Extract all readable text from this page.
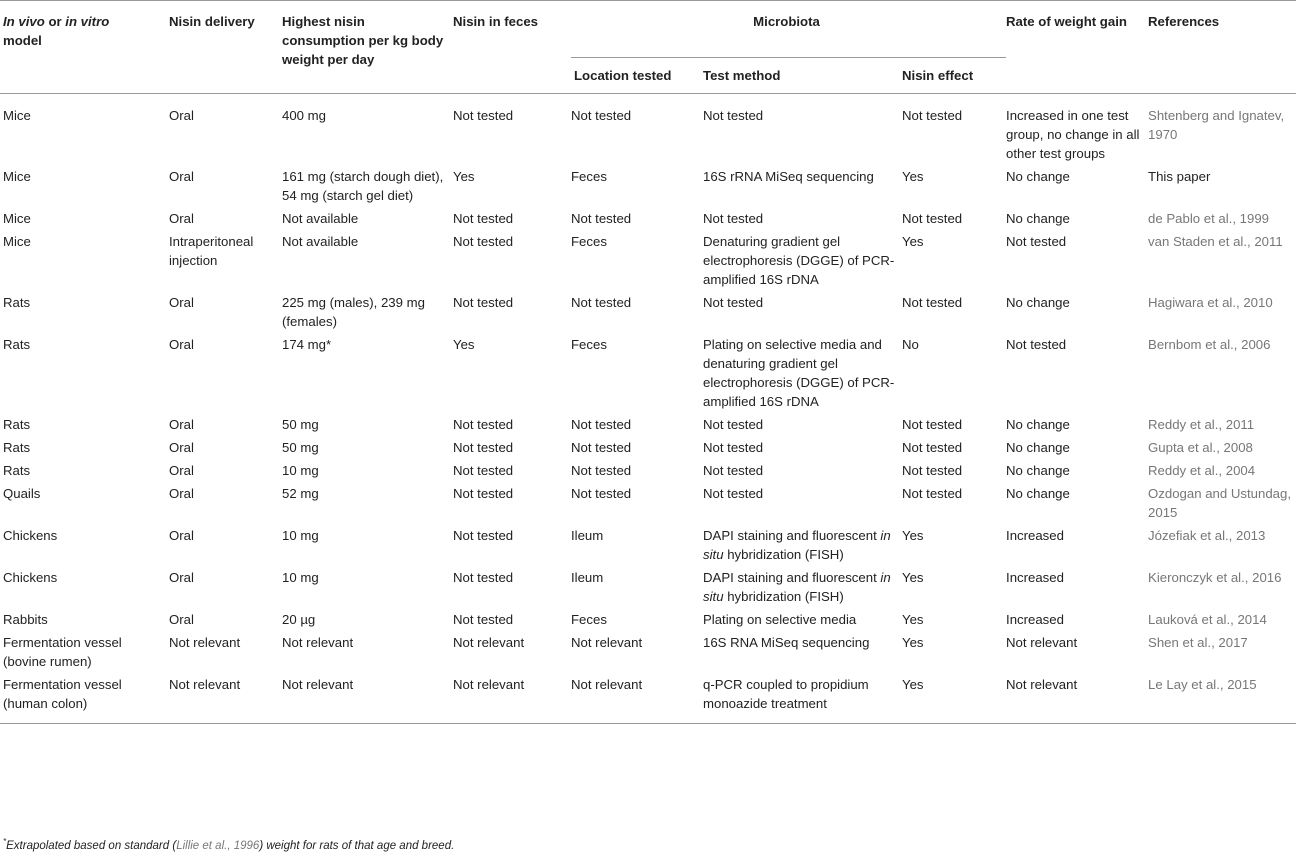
In vivo or in vitro
model	Nisin delivery	Highest nisin consumption per kg body weight per day	Nisin in feces	Microbiota			Rate of weight gain	References
				Location tested	Test method	Nisin effect		
Mice	Oral	400 mg	Not tested	Not tested	Not tested	Not tested	Increased in one test group, no change in all other test groups	Shtenberg and Ignatev, 1970
Mice	Oral	161 mg (starch dough diet), 54 mg (starch gel diet)	Yes	Feces	16S rRNA MiSeq sequencing	Yes	No change	This paper
Mice	Oral	Not available	Not tested	Not tested	Not tested	Not tested	No change	de Pablo et al., 1999
Mice	Intraperitoneal injection	Not available	Not tested	Feces	Denaturing gradient gel electrophoresis (DGGE) of PCR-amplified 16S rDNA	Yes	Not tested	van Staden et al., 2011
Rats	Oral	225 mg (males), 239 mg (females)	Not tested	Not tested	Not tested	Not tested	No change	Hagiwara et al., 2010
Rats	Oral	174 mg*	Yes	Feces	Plating on selective media and denaturing gradient gel electrophoresis (DGGE) of PCR-amplified 16S rDNA	No	Not tested	Bernbom et al., 2006
Rats	Oral	50 mg	Not tested	Not tested	Not tested	Not tested	No change	Reddy et al., 2011
Rats	Oral	50 mg	Not tested	Not tested	Not tested	Not tested	No change	Gupta et al., 2008
Rats	Oral	10 mg	Not tested	Not tested	Not tested	Not tested	No change	Reddy et al., 2004
Quails	Oral	52 mg	Not tested	Not tested	Not tested	Not tested	No change	Ozdogan and Ustundag, 2015
Chickens	Oral	10 mg	Not tested	Ileum	DAPI staining and fluorescent in situ hybridization (FISH)	Yes	Increased	Józefiak et al., 2013
Chickens	Oral	10 mg	Not tested	Ileum	DAPI staining and fluorescent in situ hybridization (FISH)	Yes	Increased	Kieronczyk et al., 2016
Rabbits	Oral	20 µg	Not tested	Feces	Plating on selective media	Yes	Increased	Lauková et al., 2014
Fermentation vessel (bovine rumen)	Not relevant	Not relevant	Not relevant	Not relevant	16S RNA MiSeq sequencing	Yes	Not relevant	Shen et al., 2017
Fermentation vessel (human colon)	Not relevant	Not relevant	Not relevant	Not relevant	q-PCR coupled to propidium monoazide treatment	Yes	Not relevant	Le Lay et al., 2015
*Extrapolated based on standard (Lillie et al., 1996) weight for rats of that age and breed.
